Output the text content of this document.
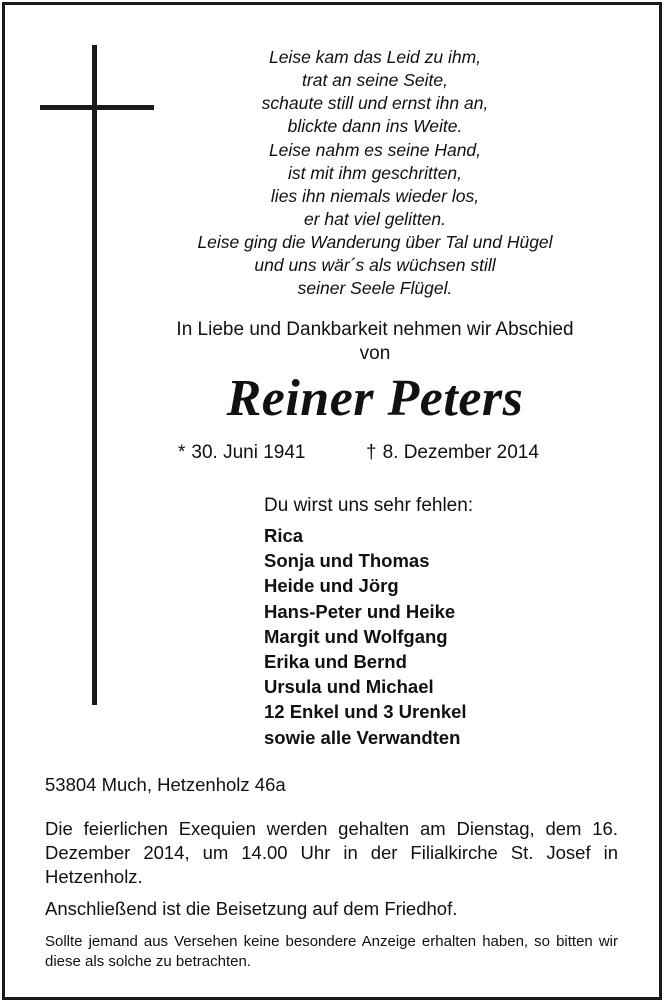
Leise kam das Leid zu ihm,
trat an seine Seite,
schaute still und ernst ihn an,
blickte dann ins Weite.
Leise nahm es seine Hand,
ist mit ihm geschritten,
lies ihn niemals wieder los,
er hat viel gelitten.
Leise ging die Wanderung über Tal und Hügel
und uns wär´s als wüchsen still
seiner Seele Flügel.
In Liebe und Dankbarkeit nehmen wir Abschied
von
Reiner Peters
* 30. Juni 1941	† 8. Dezember 2014
Du wirst uns sehr fehlen:
Rica
Sonja und Thomas
Heide und Jörg
Hans-Peter und Heike
Margit und Wolfgang
Erika und Bernd
Ursula und Michael
12 Enkel und 3 Urenkel
sowie alle Verwandten
53804 Much, Hetzenholz 46a
Die feierlichen Exequien werden gehalten am Dienstag, dem 16. Dezember 2014, um 14.00 Uhr in der Filialkirche St. Josef in Hetzenholz.
Anschließend ist die Beisetzung auf dem Friedhof.
Sollte jemand aus Versehen keine besondere Anzeige erhalten haben, so bitten wir diese als solche zu betrachten.
